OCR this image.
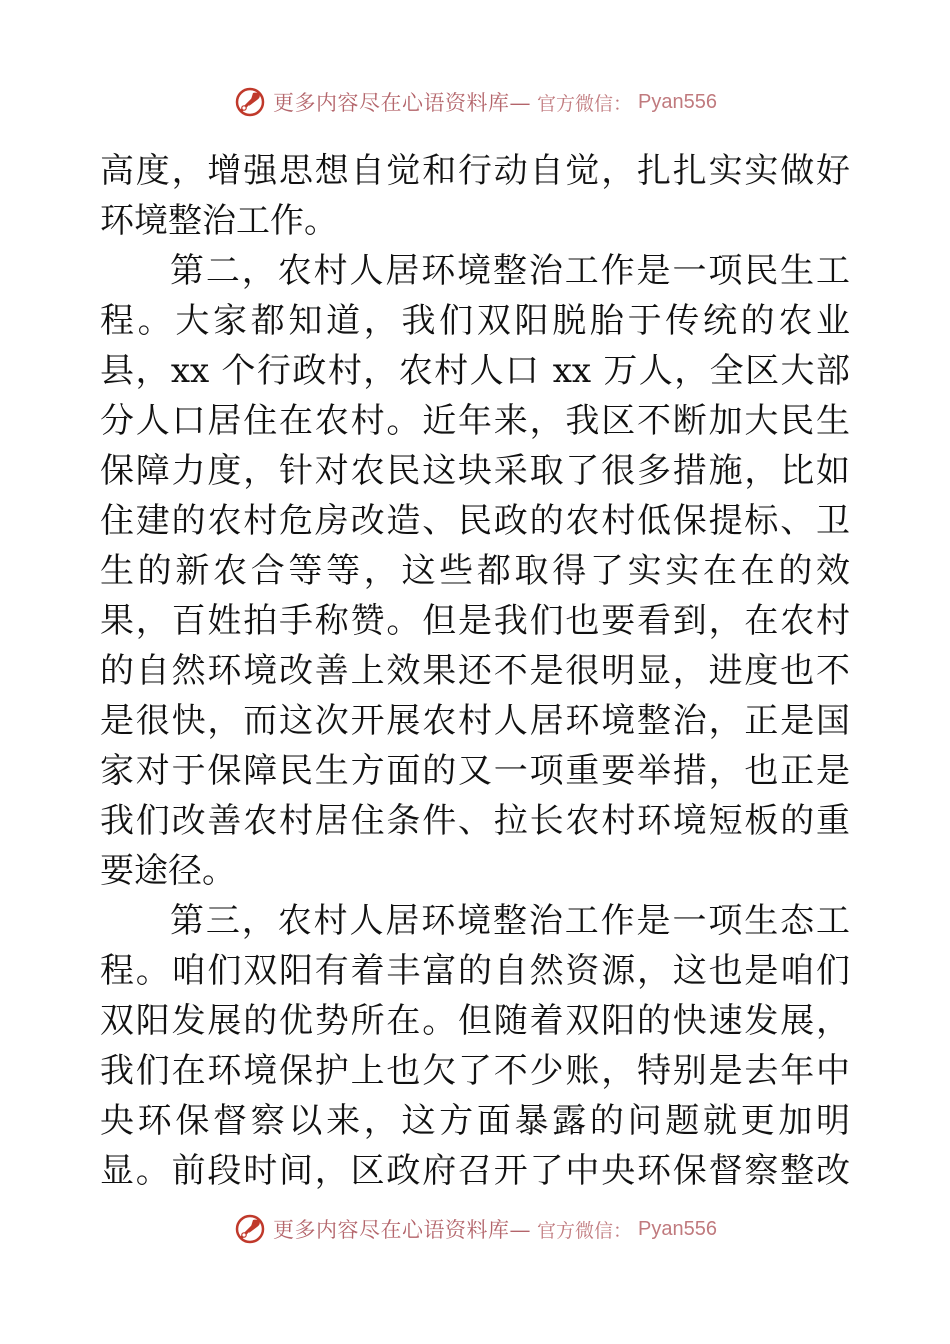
更多内容尽在心语资料库— 官方微信： Pyan556
高度，增强思想自觉和行动自觉，扎扎实实做好
环境整治工作。
第二，农村人居环境整治工作是一项民生工
程。大家都知道，我们双阳脱胎于传统的农业
县，xx 个行政村，农村人口 xx 万人，全区大部
分人口居住在农村。近年来，我区不断加大民生
保障力度，针对农民这块采取了很多措施，比如
住建的农村危房改造、民政的农村低保提标、卫
生的新农合等等，这些都取得了实实在在的效
果，百姓拍手称赞。但是我们也要看到，在农村
的自然环境改善上效果还不是很明显，进度也不
是很快，而这次开展农村人居环境整治，正是国
家对于保障民生方面的又一项重要举措，也正是
我们改善农村居住条件、拉长农村环境短板的重
要途径。
第三，农村人居环境整治工作是一项生态工
程。咱们双阳有着丰富的自然资源，这也是咱们
双阳发展的优势所在。但随着双阳的快速发展，
我们在环境保护上也欠了不少账，特别是去年中
央环保督察以来，这方面暴露的问题就更加明
显。前段时间，区政府召开了中央环保督察整改
更多内容尽在心语资料库— 官方微信： Pyan556
